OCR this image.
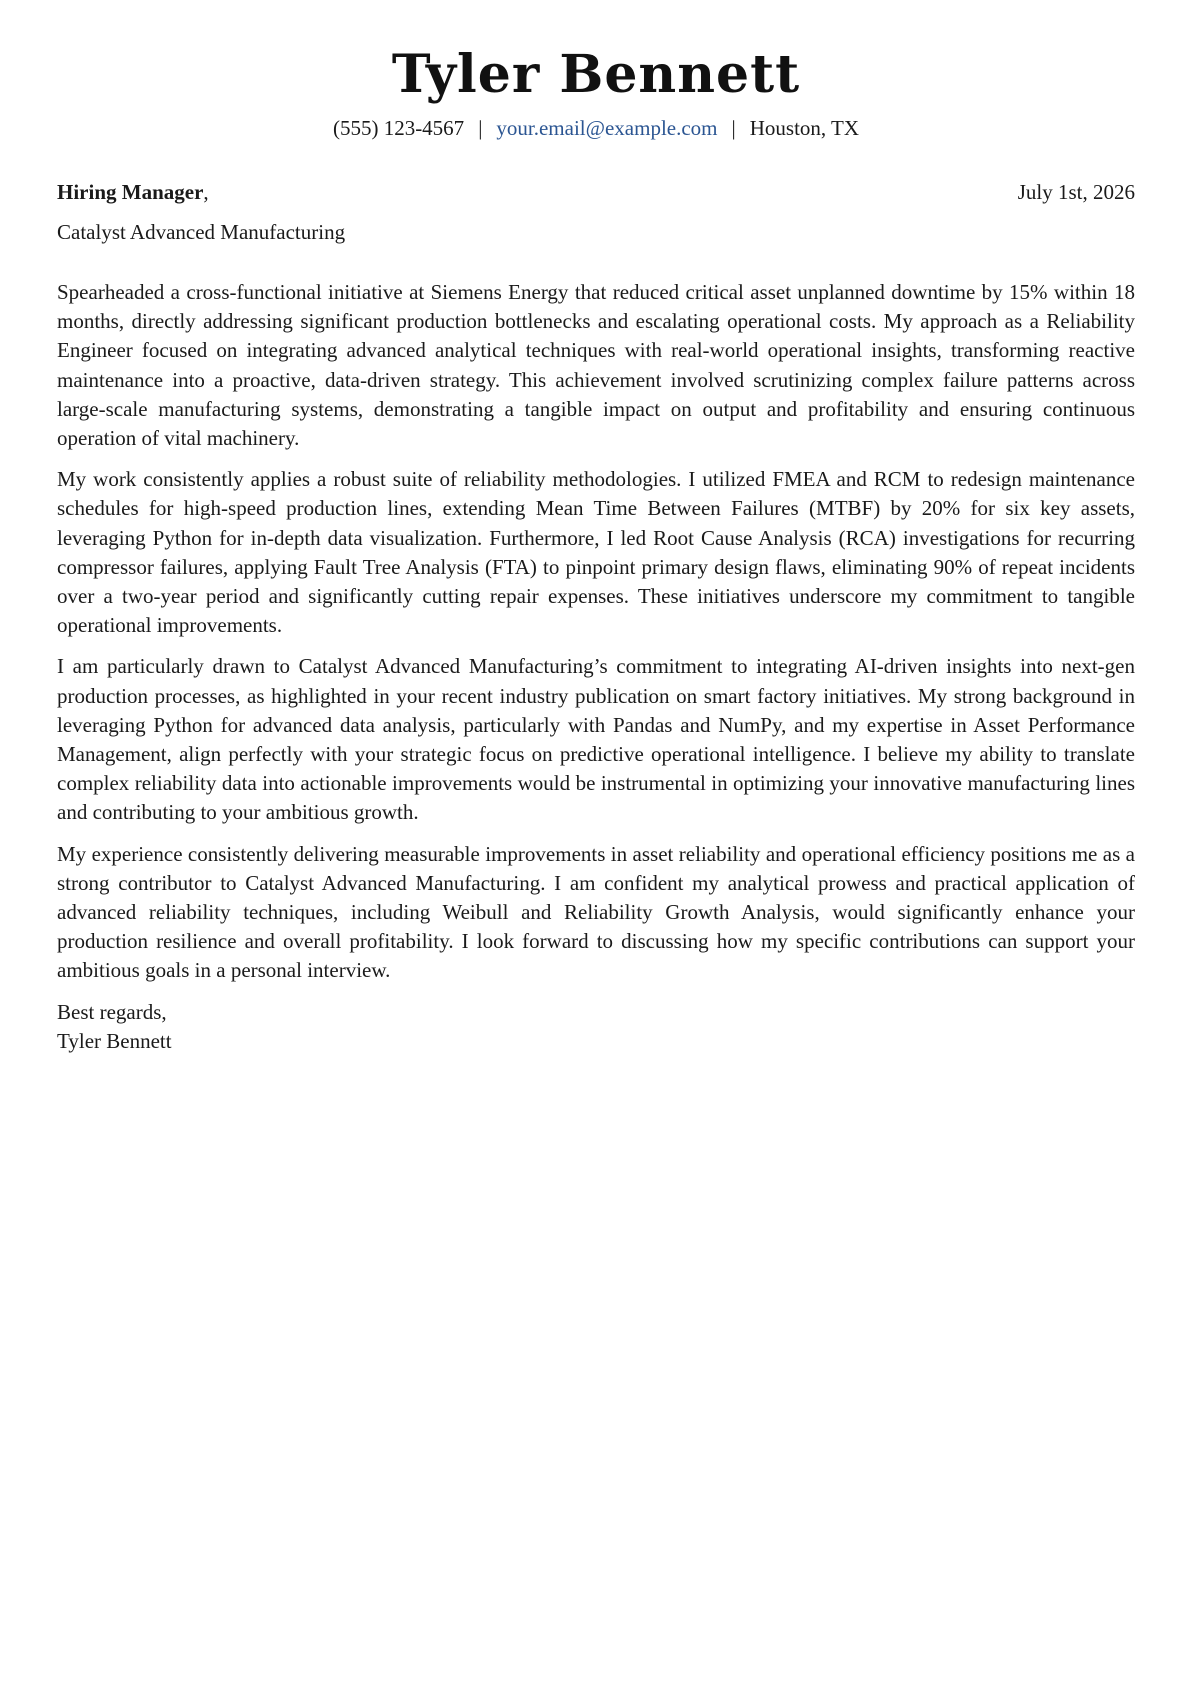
Tyler Bennett
(555) 123-4567 | your.email@example.com | Houston, TX
Hiring Manager,	July 1st, 2026
Catalyst Advanced Manufacturing

Spearheaded a cross-functional initiative at Siemens Energy that reduced critical asset unplanned downtime by 15% within 18 months, directly addressing significant production bottlenecks and escalating operational costs. My approach as a Reliability Engineer focused on integrating advanced analytical techniques with real-world operational insights, transforming reactive maintenance into a proactive, data-driven strategy. This achievement involved scrutinizing complex failure patterns across large-scale manufacturing systems, demonstrating a tangible impact on output and profitability and ensuring continuous operation of vital machinery.

My work consistently applies a robust suite of reliability methodologies. I utilized FMEA and RCM to redesign maintenance schedules for high-speed production lines, extending Mean Time Between Failures (MTBF) by 20% for six key assets, leveraging Python for in-depth data visualization. Furthermore, I led Root Cause Analysis (RCA) investigations for recurring compressor failures, applying Fault Tree Analysis (FTA) to pinpoint primary design flaws, eliminating 90% of repeat incidents over a two-year period and significantly cutting repair expenses. These initiatives underscore my commitment to tangible operational improvements.

I am particularly drawn to Catalyst Advanced Manufacturing’s commitment to integrating AI-driven insights into next-gen production processes, as highlighted in your recent industry publication on smart factory initiatives. My strong background in leveraging Python for advanced data analysis, particularly with Pandas and NumPy, and my expertise in Asset Performance Management, align perfectly with your strategic focus on predictive operational intelligence. I believe my ability to translate complex reliability data into actionable improvements would be instrumental in optimizing your innovative manufacturing lines and contributing to your ambitious growth.

My experience consistently delivering measurable improvements in asset reliability and operational efficiency positions me as a strong contributor to Catalyst Advanced Manufacturing. I am confident my analytical prowess and practical application of advanced reliability techniques, including Weibull and Reliability Growth Analysis, would significantly enhance your production resilience and overall profitability. I look forward to discussing how my specific contributions can support your ambitious goals in a personal interview.

Best regards,
Tyler Bennett
